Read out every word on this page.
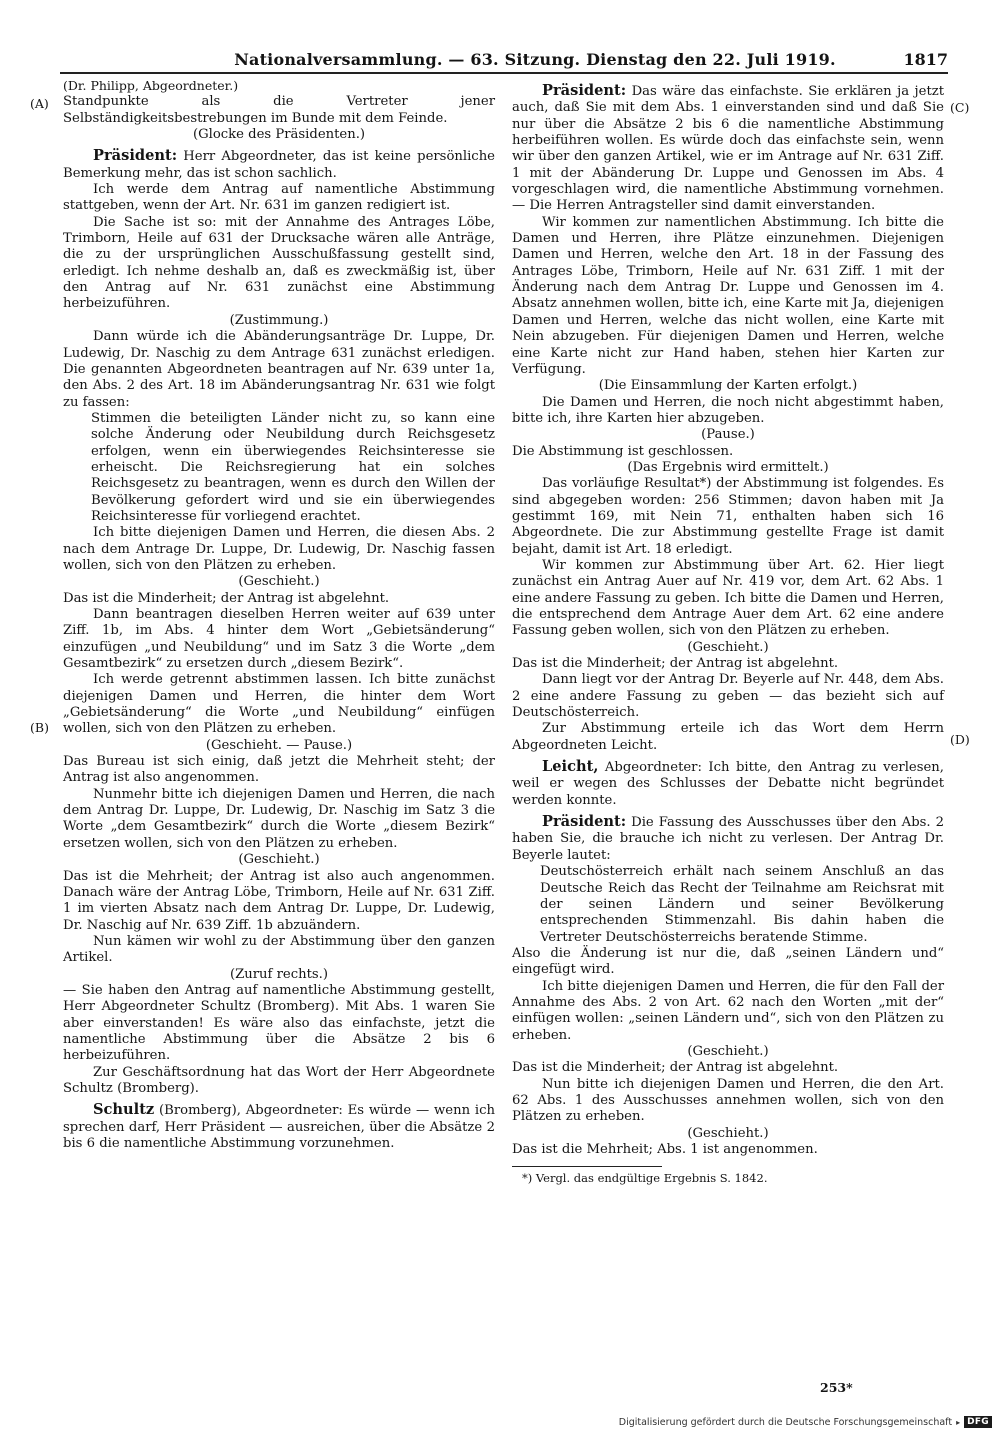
Nationalversammlung. — 63. Sitzung. Dienstag den 22. Juli 1919.	1817
(A)
(B)
(C)
(D)

(Dr. Philipp, Abgeordneter.)

Standpunkte als die Vertreter jener Selbständigkeitsbestrebungen im Bunde mit dem Feinde.

(Glocke des Präsidenten.)

Präsident: Herr Abgeordneter, das ist keine persönliche Bemerkung mehr, das ist schon sachlich.

Ich werde dem Antrag auf namentliche Abstimmung stattgeben, wenn der Art. Nr. 631 im ganzen redigiert ist.

Die Sache ist so: mit der Annahme des Antrages Löbe, Trimborn, Heile auf 631 der Drucksache wären alle Anträge, die zu der ursprünglichen Ausschußfassung gestellt sind, erledigt. Ich nehme deshalb an, daß es zweckmäßig ist, über den Antrag auf Nr. 631 zunächst eine Abstimmung herbeizuführen.

(Zustimmung.)

Dann würde ich die Abänderungsanträge Dr. Luppe, Dr. Ludewig, Dr. Naschig zu dem Antrage 631 zunächst erledigen. Die genannten Abgeordneten beantragen auf Nr. 639 unter 1a, den Abs. 2 des Art. 18 im Abänderungsantrag Nr. 631 wie folgt zu fassen:

Stimmen die beteiligten Länder nicht zu, so kann eine solche Änderung oder Neubildung durch Reichsgesetz erfolgen, wenn ein überwiegendes Reichsinteresse sie erheischt. Die Reichsregierung hat ein solches Reichsgesetz zu beantragen, wenn es durch den Willen der Bevölkerung gefordert wird und sie ein überwiegendes Reichsinteresse für vorliegend erachtet.

Ich bitte diejenigen Damen und Herren, die diesen Abs. 2 nach dem Antrage Dr. Luppe, Dr. Ludewig, Dr. Naschig fassen wollen, sich von den Plätzen zu erheben.

(Geschieht.)

Das ist die Minderheit; der Antrag ist abgelehnt.

Dann beantragen dieselben Herren weiter auf 639 unter Ziff. 1b, im Abs. 4 hinter dem Wort „Gebietsänderung“ einzufügen „und Neubildung“ und im Satz 3 die Worte „dem Gesamtbezirk“ zu ersetzen durch „diesem Bezirk“.

Ich werde getrennt abstimmen lassen. Ich bitte zunächst diejenigen Damen und Herren, die hinter dem Wort „Gebietsänderung“ die Worte „und Neubildung“ einfügen wollen, sich von den Plätzen zu erheben.

(Geschieht. — Pause.)

Das Bureau ist sich einig, daß jetzt die Mehrheit steht; der Antrag ist also angenommen.

Nunmehr bitte ich diejenigen Damen und Herren, die nach dem Antrag Dr. Luppe, Dr. Ludewig, Dr. Naschig im Satz 3 die Worte „dem Gesamtbezirk“ durch die Worte „diesem Bezirk“ ersetzen wollen, sich von den Plätzen zu erheben.

(Geschieht.)

Das ist die Mehrheit; der Antrag ist also auch angenommen. Danach wäre der Antrag Löbe, Trimborn, Heile auf Nr. 631 Ziff. 1 im vierten Absatz nach dem Antrag Dr. Luppe, Dr. Ludewig, Dr. Naschig auf Nr. 639 Ziff. 1b abzuändern.

Nun kämen wir wohl zu der Abstimmung über den ganzen Artikel.

(Zuruf rechts.)

— Sie haben den Antrag auf namentliche Abstimmung gestellt, Herr Abgeordneter Schultz (Bromberg). Mit Abs. 1 waren Sie aber einverstanden! Es wäre also das einfachste, jetzt die namentliche Abstimmung über die Absätze 2 bis 6 herbeizuführen.

Zur Geschäftsordnung hat das Wort der Herr Abgeordnete Schultz (Bromberg).

Schultz (Bromberg), Abgeordneter: Es würde — wenn ich sprechen darf, Herr Präsident — ausreichen, über die Absätze 2 bis 6 die namentliche Abstimmung vorzunehmen.

Präsident: Das wäre das einfachste. Sie erklären ja jetzt auch, daß Sie mit dem Abs. 1 einverstanden sind und daß Sie nur über die Absätze 2 bis 6 die namentliche Abstimmung herbeiführen wollen. Es würde doch das einfachste sein, wenn wir über den ganzen Artikel, wie er im Antrage auf Nr. 631 Ziff. 1 mit der Abänderung Dr. Luppe und Genossen im Abs. 4 vorgeschlagen wird, die namentliche Abstimmung vornehmen. — Die Herren Antragsteller sind damit einverstanden.

Wir kommen zur namentlichen Abstimmung. Ich bitte die Damen und Herren, ihre Plätze einzunehmen. Diejenigen Damen und Herren, welche den Art. 18 in der Fassung des Antrages Löbe, Trimborn, Heile auf Nr. 631 Ziff. 1 mit der Änderung nach dem Antrag Dr. Luppe und Genossen im 4. Absatz annehmen wollen, bitte ich, eine Karte mit Ja, diejenigen Damen und Herren, welche das nicht wollen, eine Karte mit Nein abzugeben. Für diejenigen Damen und Herren, welche eine Karte nicht zur Hand haben, stehen hier Karten zur Verfügung.

(Die Einsammlung der Karten erfolgt.)

Die Damen und Herren, die noch nicht abgestimmt haben, bitte ich, ihre Karten hier abzugeben.

(Pause.)

Die Abstimmung ist geschlossen.

(Das Ergebnis wird ermittelt.)

Das vorläufige Resultat*) der Abstimmung ist folgendes. Es sind abgegeben worden: 256 Stimmen; davon haben mit Ja gestimmt 169, mit Nein 71, enthalten haben sich 16 Abgeordnete. Die zur Abstimmung gestellte Frage ist damit bejaht, damit ist Art. 18 erledigt.

Wir kommen zur Abstimmung über Art. 62. Hier liegt zunächst ein Antrag Auer auf Nr. 419 vor, dem Art. 62 Abs. 1 eine andere Fassung zu geben. Ich bitte die Damen und Herren, die entsprechend dem Antrage Auer dem Art. 62 eine andere Fassung geben wollen, sich von den Plätzen zu erheben.

(Geschieht.)

Das ist die Minderheit; der Antrag ist abgelehnt.

Dann liegt vor der Antrag Dr. Beyerle auf Nr. 448, dem Abs. 2 eine andere Fassung zu geben — das bezieht sich auf Deutschösterreich.

Zur Abstimmung erteile ich das Wort dem Herrn Abgeordneten Leicht.

Leicht, Abgeordneter: Ich bitte, den Antrag zu verlesen, weil er wegen des Schlusses der Debatte nicht begründet werden konnte.

Präsident: Die Fassung des Ausschusses über den Abs. 2 haben Sie, die brauche ich nicht zu verlesen. Der Antrag Dr. Beyerle lautet:

Deutschösterreich erhält nach seinem Anschluß an das Deutsche Reich das Recht der Teilnahme am Reichsrat mit der seinen Ländern und seiner Bevölkerung entsprechenden Stimmenzahl. Bis dahin haben die Vertreter Deutschösterreichs beratende Stimme.

Also die Änderung ist nur die, daß „seinen Ländern und“ eingefügt wird.

Ich bitte diejenigen Damen und Herren, die für den Fall der Annahme des Abs. 2 von Art. 62 nach den Worten „mit der“ einfügen wollen: „seinen Ländern und“, sich von den Plätzen zu erheben.

(Geschieht.)

Das ist die Minderheit; der Antrag ist abgelehnt.

Nun bitte ich diejenigen Damen und Herren, die den Art. 62 Abs. 1 des Ausschusses annehmen wollen, sich von den Plätzen zu erheben.

(Geschieht.)

Das ist die Mehrheit; Abs. 1 ist angenommen.

*) Vergl. das endgültige Ergebnis S. 1842.

253*
Digitalisierung gefördert durch die Deutsche Forschungsgemeinschaft ▸ DFG
